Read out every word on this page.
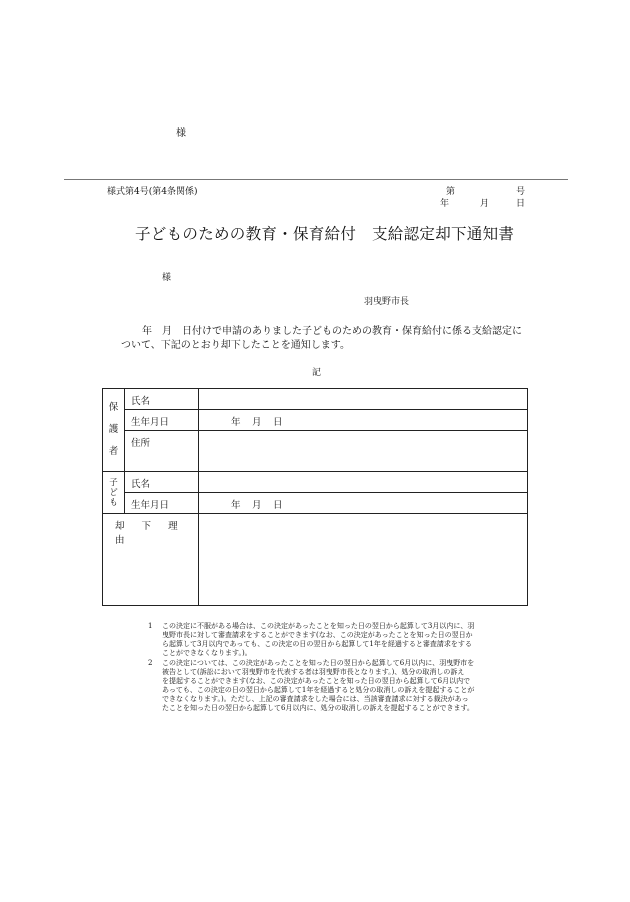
様
様式第4号(第4条関係)	第	号
年	月	日
子どものための教育・保育給付　支給認定却下通知書
様
羽曳野市長
　年　月　日付けで申請のありました子どものための教育・保育給付に係る支給認定に
ついて、下記のとおり却下したことを通知します。
記
保
護
者	氏名	
	生年月日	年　月　日
	住所	
子
ど
も	氏名	
	生年月日	年　月　日
却 下 理 由		
1 この決定に不服がある場合は、この決定があったことを知った日の翌日から起算して3月以内に、羽
曳野市長に対して審査請求をすることができます(なお、この決定があったことを知った日の翌日か
ら起算して3月以内であっても、この決定の日の翌日から起算して1年を経過すると審査請求をする
ことができなくなります。)。
2 この決定については、この決定があったことを知った日の翌日から起算して6月以内に、羽曳野市を
被告として(訴訟において羽曳野市を代表する者は羽曳野市長となります。)、処分の取消しの訴え
を提起することができます(なお、この決定があったことを知った日の翌日から起算して6月以内で
あっても、この決定の日の翌日から起算して1年を経過すると処分の取消しの訴えを提起することが
できなくなります。)。ただし、上記の審査請求をした場合には、当該審査請求に対する裁決があっ
たことを知った日の翌日から起算して6月以内に、処分の取消しの訴えを提起することができます。
